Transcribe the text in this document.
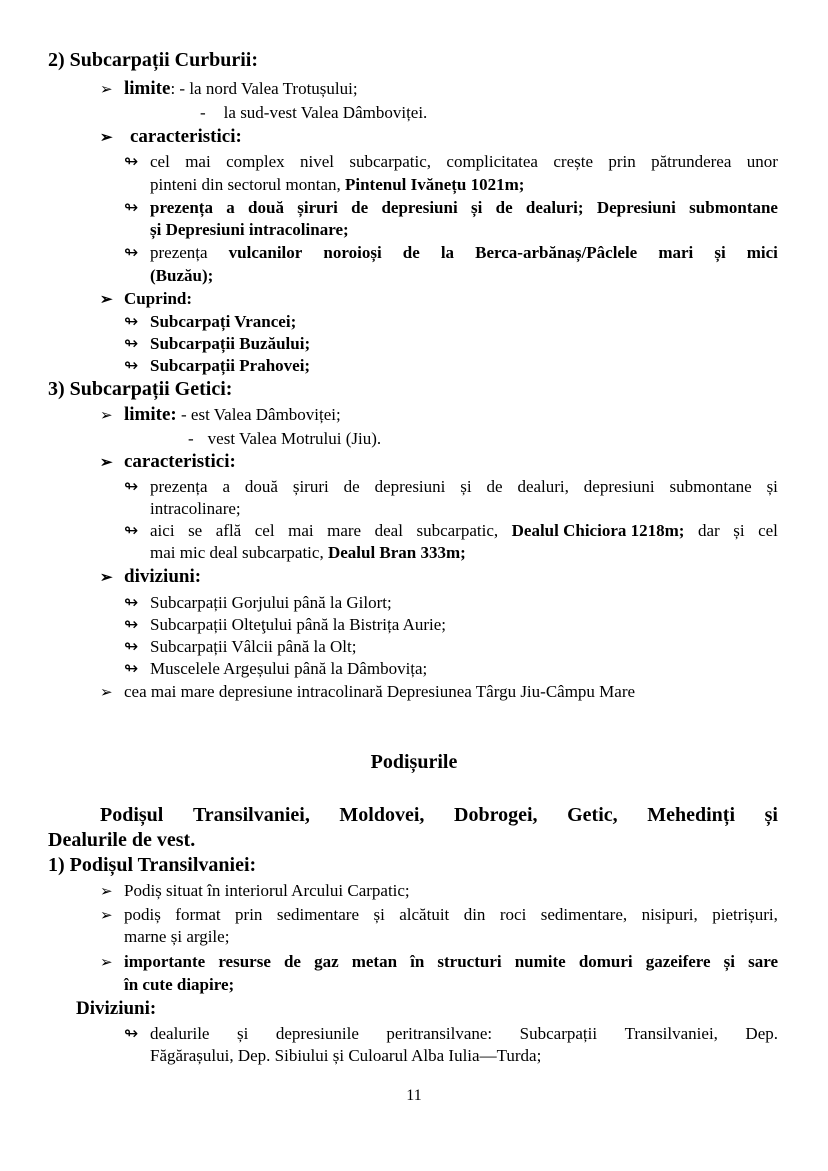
2) Subcarpații Curburii:
➢ limite: - la nord Valea Trotușului;
- la sud-vest Valea Dâmboviței.
➢ caracteristici:
↬ cel mai complex nivel subcarpatic, complicitatea crește prin pătrunderea unor
pinteni din sectorul montan, Pintenul Ivănețu 1021m;
↬ prezența a două șiruri de depresiuni și de dealuri; Depresiuni submontane
și Depresiuni intracolinare;
↬ prezența vulcanilor noroioși de la Berca-arbănaș/Pâclele mari și mici
(Buzău);
➢ Cuprind:
↬ Subcarpați Vrancei;
↬ Subcarpații Buzăului;
↬ Subcarpații Prahovei;
3) Subcarpații Getici:
➢ limite: - est Valea Dâmboviței;
- vest Valea Motrului (Jiu).
➢ caracteristici:
↬ prezența a două șiruri de depresiuni și de dealuri, depresiuni submontane și
intracolinare;
↬ aici se află cel mai mare deal subcarpatic, Dealul Chiciora 1218m; dar și cel
mai mic deal subcarpatic, Dealul Bran 333m;
➢ diviziuni:
↬ Subcarpații Gorjului până la Gilort;
↬ Subcarpații Olteţului până la Bistrița Aurie;
↬ Subcarpații Vâlcii până la Olt;
↬ Muscelele Argeșului până la Dâmbovița;
➢ cea mai mare depresiune intracolinară Depresiunea Târgu Jiu-Câmpu Mare
Podișurile
Podișul Transilvaniei, Moldovei, Dobrogei, Getic, Mehedinți și
Dealurile de vest.
1) Podișul Transilvaniei:
➢ Podiș situat în interiorul Arcului Carpatic;
➢ podiș format prin sedimentare și alcătuit din roci sedimentare, nisipuri, pietrișuri,
marne și argile;
➢ importante resurse de gaz metan în structuri numite domuri gazeifere și sare
în cute diapire;
Diviziuni:
↬ dealurile și depresiunile peritransilvane: Subcarpații Transilvaniei, Dep.
Făgărașului, Dep. Sibiului și Culoarul Alba Iulia—Turda;
11
